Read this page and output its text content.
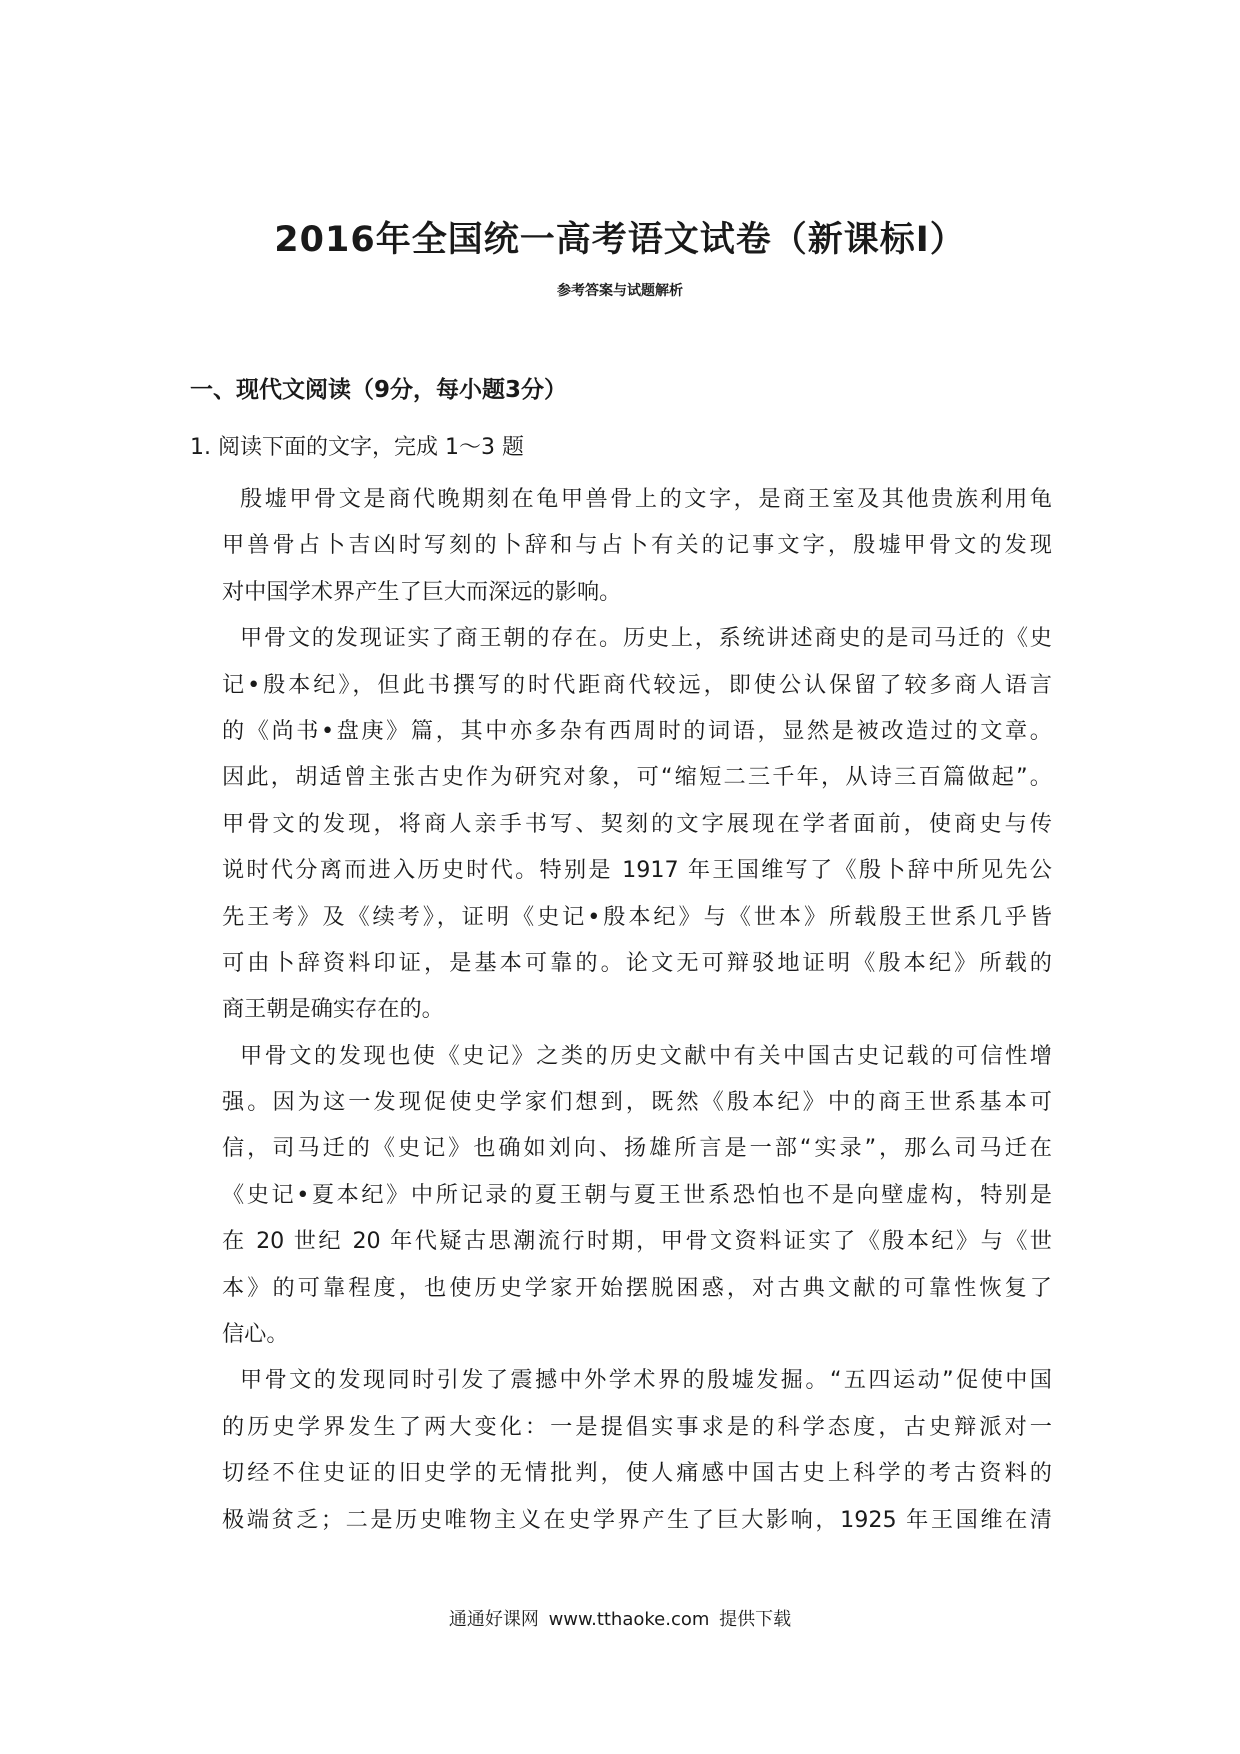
2016年全国统一高考语文试卷（新课标Ⅰ）
参考答案与试题解析
一、现代文阅读（9分，每小题3分）
1. 阅读下面的文字，完成 1〜3 题
殷墟甲骨文是商代晚期刻在龟甲兽骨上的文字，是商王室及其他贵族利用龟
甲兽骨占卜吉凶时写刻的卜辞和与占卜有关的记事文字，殷墟甲骨文的发现
对中国学术界产生了巨大而深远的影响。
甲骨文的发现证实了商王朝的存在。历史上，系统讲述商史的是司马迁的《史
记•殷本纪》，但此书撰写的时代距商代较远，即使公认保留了较多商人语言
的《尚书•盘庚》篇，其中亦多杂有西周时的词语，显然是被改造过的文章。
因此，胡适曾主张古史作为研究对象，可“缩短二三千年，从诗三百篇做起”。
甲骨文的发现，将商人亲手书写、契刻的文字展现在学者面前，使商史与传
说时代分离而进入历史时代。特别是 1917 年王国维写了《殷卜辞中所见先公
先王考》及《续考》，证明《史记•殷本纪》与《世本》所载殷王世系几乎皆
可由卜辞资料印证，是基本可靠的。论文无可辩驳地证明《殷本纪》所载的
商王朝是确实存在的。
甲骨文的发现也使《史记》之类的历史文献中有关中国古史记载的可信性增
强。因为这一发现促使史学家们想到，既然《殷本纪》中的商王世系基本可
信，司马迁的《史记》也确如刘向、扬雄所言是一部“实录”，那么司马迁在
《史记•夏本纪》中所记录的夏王朝与夏王世系恐怕也不是向壁虚构，特别是
在 20 世纪 20 年代疑古思潮流行时期，甲骨文资料证实了《殷本纪》与《世
本》的可靠程度，也使历史学家开始摆脱困惑，对古典文献的可靠性恢复了
信心。
甲骨文的发现同时引发了震撼中外学术界的殷墟发掘。“五四运动”促使中国
的历史学界发生了两大变化：一是提倡实事求是的科学态度，古史辩派对一
切经不住史证的旧史学的无情批判，使人痛感中国古史上科学的考古资料的
极端贫乏；二是历史唯物主义在史学界产生了巨大影响，1925 年王国维在清
通通好课网 www.tthaoke.com 提供下载
